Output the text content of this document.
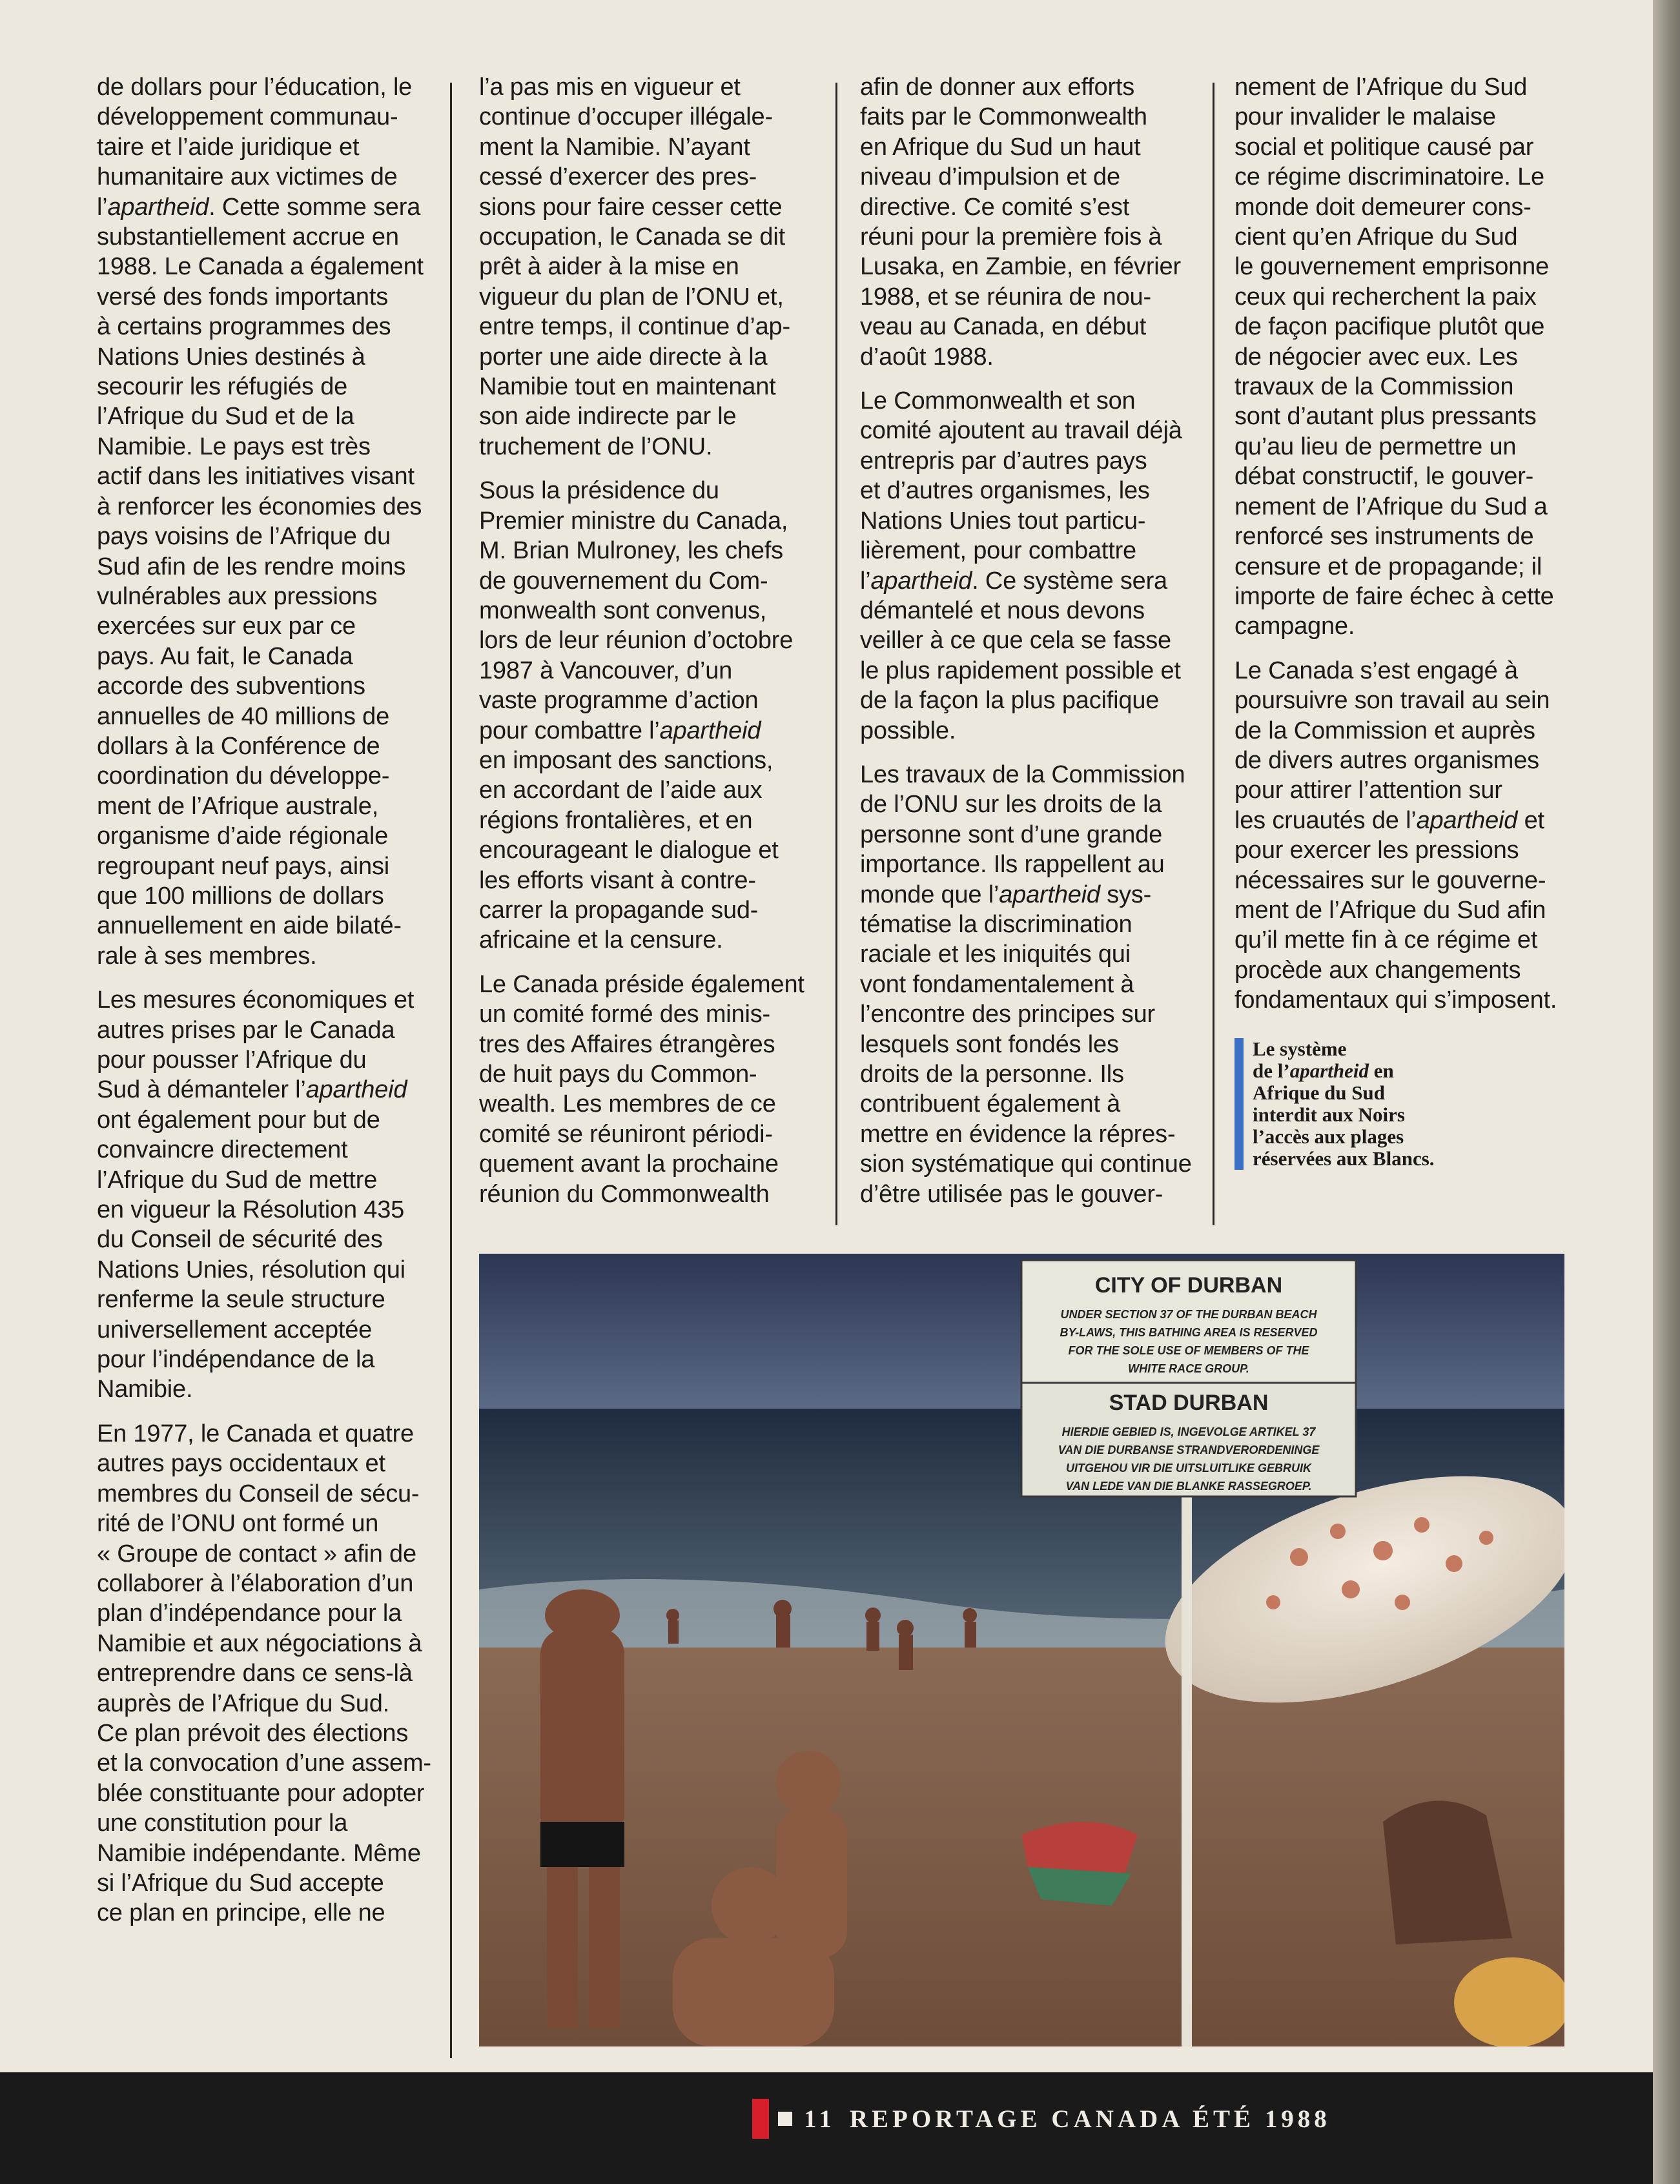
de dollars pour l’éducation, le
développement communau-
taire et l’aide juridique et
humanitaire aux victimes de
l’apartheid. Cette somme sera
substantiellement accrue en
1988. Le Canada a également
versé des fonds importants
à certains programmes des
Nations Unies destinés à
secourir les réfugiés de
l’Afrique du Sud et de la
Namibie. Le pays est très
actif dans les initiatives visant
à renforcer les économies des
pays voisins de l’Afrique du
Sud afin de les rendre moins
vulnérables aux pressions
exercées sur eux par ce
pays. Au fait, le Canada
accorde des subventions
annuelles de 40 millions de
dollars à la Conférence de
coordination du développe-
ment de l’Afrique australe,
organisme d’aide régionale
regroupant neuf pays, ainsi
que 100 millions de dollars
annuellement en aide bilaté-
rale à ses membres.

Les mesures économiques et
autres prises par le Canada
pour pousser l’Afrique du
Sud à démanteler l’apartheid
ont également pour but de
convaincre directement
l’Afrique du Sud de mettre
en vigueur la Résolution 435
du Conseil de sécurité des
Nations Unies, résolution qui
renferme la seule structure
universellement acceptée
pour l’indépendance de la
Namibie.

En 1977, le Canada et quatre
autres pays occidentaux et
membres du Conseil de sécu-
rité de l’ONU ont formé un
« Groupe de contact » afin de
collaborer à l’élaboration d’un
plan d’indépendance pour la
Namibie et aux négociations à
entreprendre dans ce sens-là
auprès de l’Afrique du Sud.
Ce plan prévoit des élections
et la convocation d’une assem-
blée constituante pour adopter
une constitution pour la
Namibie indépendante. Même
si l’Afrique du Sud accepte
ce plan en principe, elle ne

l’a pas mis en vigueur et
continue d’occuper illégale-
ment la Namibie. N’ayant
cessé d’exercer des pres-
sions pour faire cesser cette
occupation, le Canada se dit
prêt à aider à la mise en
vigueur du plan de l’ONU et,
entre temps, il continue d’ap-
porter une aide directe à la
Namibie tout en maintenant
son aide indirecte par le
truchement de l’ONU.

Sous la présidence du
Premier ministre du Canada,
M. Brian Mulroney, les chefs
de gouvernement du Com-
monwealth sont convenus,
lors de leur réunion d’octobre
1987 à Vancouver, d’un
vaste programme d’action
pour combattre l’apartheid
en imposant des sanctions,
en accordant de l’aide aux
régions frontalières, et en
encourageant le dialogue et
les efforts visant à contre-
carrer la propagande sud-
africaine et la censure.

Le Canada préside également
un comité formé des minis-
tres des Affaires étrangères
de huit pays du Common-
wealth. Les membres de ce
comité se réuniront périodi-
quement avant la prochaine
réunion du Commonwealth

afin de donner aux efforts
faits par le Commonwealth
en Afrique du Sud un haut
niveau d’impulsion et de
directive. Ce comité s’est
réuni pour la première fois à
Lusaka, en Zambie, en février
1988, et se réunira de nou-
veau au Canada, en début
d’août 1988.

Le Commonwealth et son
comité ajoutent au travail déjà
entrepris par d’autres pays
et d’autres organismes, les
Nations Unies tout particu-
lièrement, pour combattre
l’apartheid. Ce système sera
démantelé et nous devons
veiller à ce que cela se fasse
le plus rapidement possible et
de la façon la plus pacifique
possible.

Les travaux de la Commission
de l’ONU sur les droits de la
personne sont d’une grande
importance. Ils rappellent au
monde que l’apartheid sys-
tématise la discrimination
raciale et les iniquités qui
vont fondamentalement à
l’encontre des principes sur
lesquels sont fondés les
droits de la personne. Ils
contribuent également à
mettre en évidence la répres-
sion systématique qui continue
d’être utilisée pas le gouver-

nement de l’Afrique du Sud
pour invalider le malaise
social et politique causé par
ce régime discriminatoire. Le
monde doit demeurer cons-
cient qu’en Afrique du Sud
le gouvernement emprisonne
ceux qui recherchent la paix
de façon pacifique plutôt que
de négocier avec eux. Les
travaux de la Commission
sont d’autant plus pressants
qu’au lieu de permettre un
débat constructif, le gouver-
nement de l’Afrique du Sud a
renforcé ses instruments de
censure et de propagande; il
importe de faire échec à cette
campagne.

Le Canada s’est engagé à
poursuivre son travail au sein
de la Commission et auprès
de divers autres organismes
pour attirer l’attention sur
les cruautés de l’apartheid et
pour exercer les pressions
nécessaires sur le gouverne-
ment de l’Afrique du Sud afin
qu’il mette fin à ce régime et
procède aux changements
fondamentaux qui s’imposent.

Le système
de l’apartheid en
Afrique du Sud
interdit aux Noirs
l’accès aux plages
réservées aux Blancs.
CITY OF DURBAN
UNDER SECTION 37 OF THE DURBAN BEACH BY-LAWS, THIS BATHING AREA IS RESERVED FOR THE SOLE USE OF MEMBERS OF THE WHITE RACE GROUP.
STAD DURBAN
HIERDIE GEBIED IS, INGEVOLGE ARTIKEL 37 VAN DIE DURBANSE STRANDVERORDENINGE UITGEHOU VIR DIE UITSLUITLIKE GEBRUIK VAN LEDE VAN DIE BLANKE RASSEGROEP.
11 REPORTAGE CANADA ÉTÉ 1988
